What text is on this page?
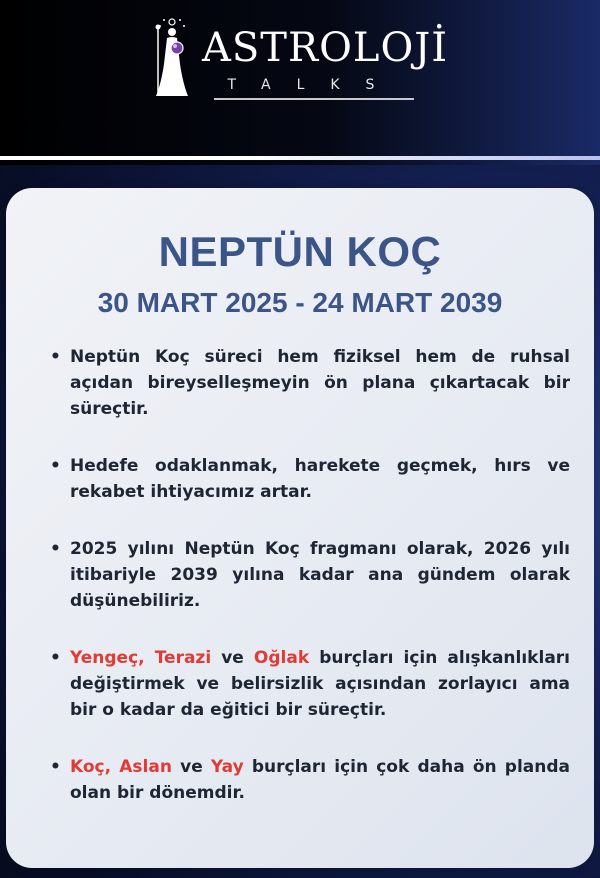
ASTROLOJİ
TALKS
NEPTÜN KOÇ
30 MART 2025 - 24 MART 2039
• Neptün Koç süreci hem fiziksel hem de ruhsal açıdan bireyselleşmeyin ön plana çıkartacak bir süreçtir.
• Hedefe odaklanmak, harekete geçmek, hırs ve rekabet ihtiyacımız artar.
• 2025 yılını Neptün Koç fragmanı olarak, 2026 yılı itibariyle 2039 yılına kadar ana gündem olarak düşünebiliriz.
• Yengeç, Terazi ve Oğlak burçları için alışkanlıkları değiştirmek ve belirsizlik açısından zorlayıcı ama bir o kadar da eğitici bir süreçtir.
• Koç, Aslan ve Yay burçları için çok daha ön planda olan bir dönemdir.
